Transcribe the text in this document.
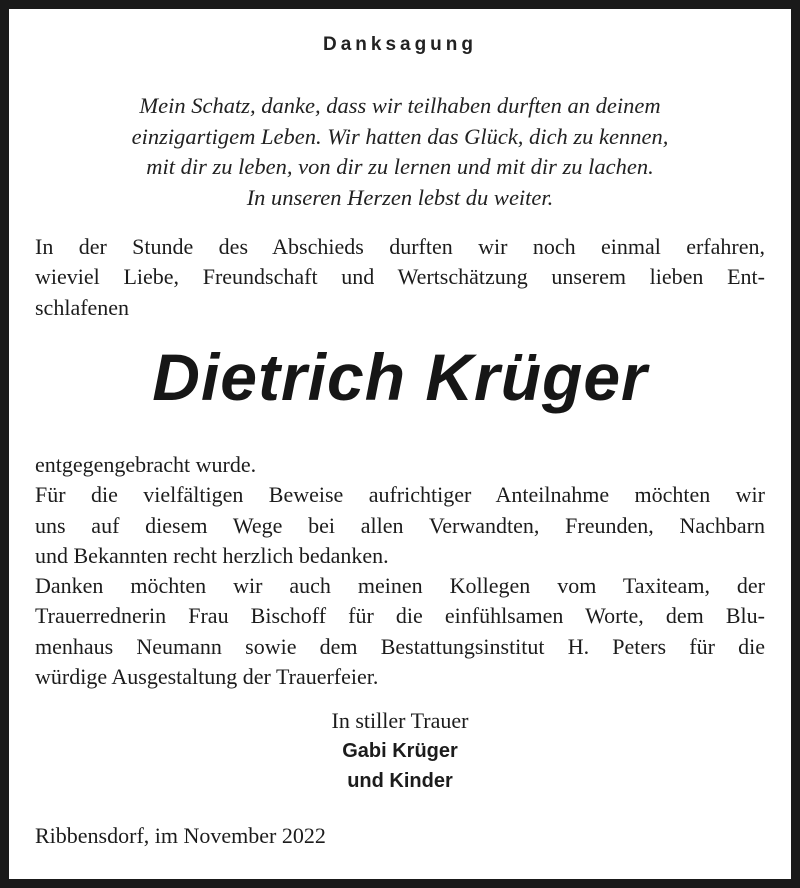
Danksagung
Mein Schatz, danke, dass wir teilhaben durften an deinem
einzigartigem Leben. Wir hatten das Glück, dich zu kennen,
mit dir zu leben, von dir zu lernen und mit dir zu lachen.
In unseren Herzen lebst du weiter.
In der Stunde des Abschieds durften wir noch einmal erfahren,
wieviel Liebe, Freundschaft und Wertschätzung unserem lieben Ent-
schlafenen
Dietrich Krüger
entgegengebracht wurde.
Für die vielfältigen Beweise aufrichtiger Anteilnahme möchten wir
uns auf diesem Wege bei allen Verwandten, Freunden, Nachbarn
und Bekannten recht herzlich bedanken.
Danken möchten wir auch meinen Kollegen vom Taxiteam, der
Trauerrednerin Frau Bischoff für die einfühlsamen Worte, dem Blu-
menhaus Neumann sowie dem Bestattungsinstitut H. Peters für die
würdige Ausgestaltung der Trauerfeier.
In stiller Trauer
Gabi Krüger
und Kinder
Ribbensdorf, im November 2022
